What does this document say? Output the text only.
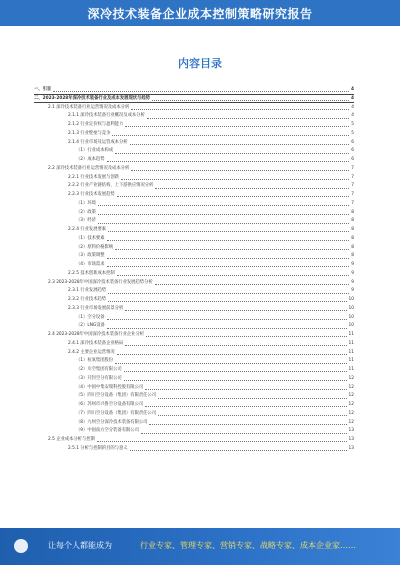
深冷技术装备企业成本控制策略研究报告
内容目录
一、引言	4
二、2023-2028年深冷技术装备行业及成本发展现状与趋势	4
2.1 深冷技术装备行业运营情况及成本分析	4
2.1.1 深冷技术装备行业概况及成本分析	4
2.1.2 行业定价权与盈利能力	5
2.1.3 行业壁垒与竞争	5
2.1.4 行业市场及运营成本分析	6
（1）行业成本构成	6
（2）成本趋势	6
2.2 深冷技术装备行业运营情况及成本分析	7
2.2.1 行业技术发展与创新	7
2.2.2 行业产业链结构、上下游供应情况分析	7
2.2.3 行业技术发展趋势	7
（1）环境	7
（2）政策	8
（3）经济	8
2.2.4 行业发展要素	8
（1）技术要素	8
（2）原料价格影响	8
（3）政策调整	8
（4）市场需求	9
2.2.5 技术创新成本控制	9
2.3 2023-2028年中国深冷技术装备行业发展趋势分析	9
2.3.1 行业发展趋势	9
2.3.2 行业技术趋势	10
2.3.3 行业市场发展前景分析	10
（1）空分设备	10
（2）LNG设备	10
2.4 2023-2028年中国深冷技术装备行业企业分析	11
2.4.1 深冷技术装备企业格局	11
2.4.2 主要企业运营情况	11
（1）杭氧集团股份	11
（2）川空集团有限公司	11
（3）开封空分有限公司	12
（4）中国中集安瑞科控股有限公司	12
（5）四川空分设备（集团）有限责任公司	12
（6）苏州市兴鲁空分设备有限公司	12
（7）四川空分设备（集团）有限责任公司	12
（8）九州空分深冷技术装备有限公司	12
（9）中国南方空分装备有限公司	13
2.5 企业成本分析与控制	13
2.5.1 分析与控制的目的与意义	13
让每个人都能成为	行业专家、管理专家、营销专家、战略专家、成本企业家……
